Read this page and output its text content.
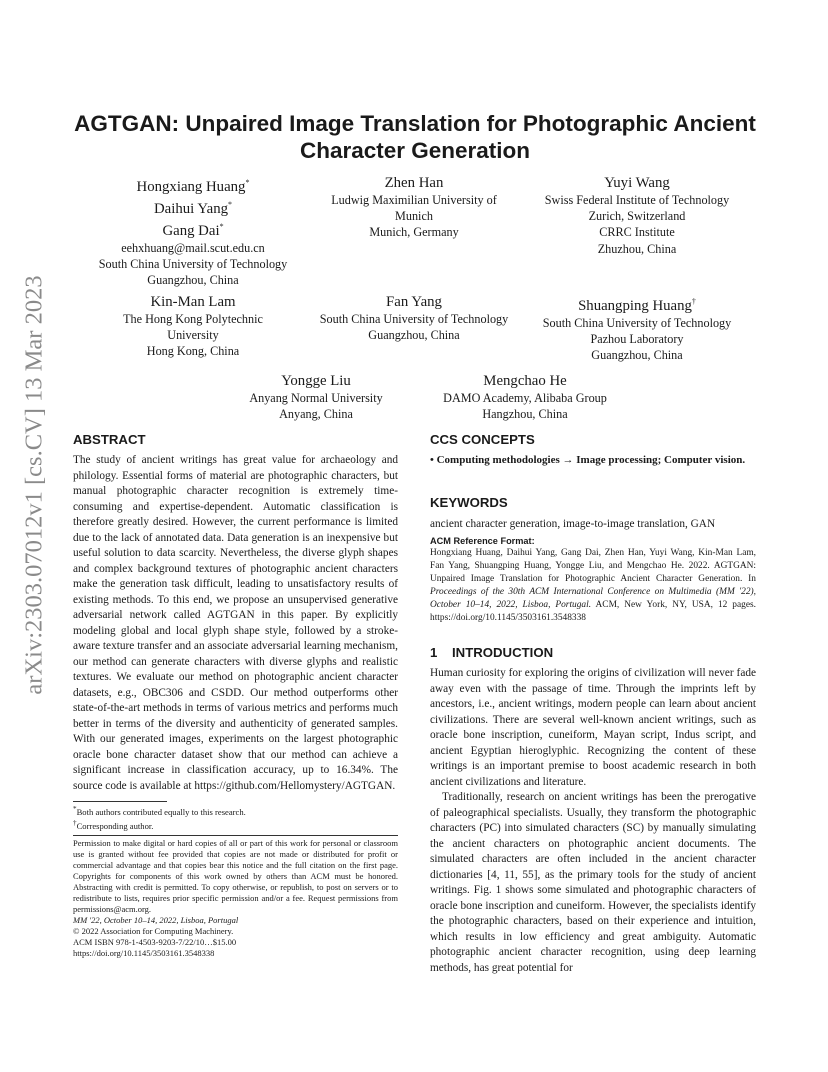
arXiv:2303.07012v1 [cs.CV] 13 Mar 2023
AGTGAN: Unpaired Image Translation for Photographic Ancient
Character Generation
Hongxiang Huang*
Daihui Yang*
Gang Dai*
eehxhuang@mail.scut.edu.cn
South China University of Technology
Guangzhou, China
Zhen Han
Ludwig Maximilian University of
Munich
Munich, Germany
Yuyi Wang
Swiss Federal Institute of Technology
Zurich, Switzerland
CRRC Institute
Zhuzhou, China
Kin-Man Lam
The Hong Kong Polytechnic
University
Hong Kong, China
Fan Yang
South China University of Technology
Guangzhou, China
Shuangping Huang†
South China University of Technology
Pazhou Laboratory
Guangzhou, China
Yongge Liu
Anyang Normal University
Anyang, China
Mengchao He
DAMO Academy, Alibaba Group
Hangzhou, China
ABSTRACT

The study of ancient writings has great value for archaeology and philology. Essential forms of material are photographic characters, but manual photographic character recognition is extremely time-consuming and expertise-dependent. Automatic classification is therefore greatly desired. However, the current performance is limited due to the lack of annotated data. Data generation is an inexpensive but useful solution to data scarcity. Nevertheless, the diverse glyph shapes and complex background textures of photographic ancient characters make the generation task difficult, leading to unsatisfactory results of existing methods. To this end, we propose an unsupervised generative adversarial network called AGTGAN in this paper. By explicitly modeling global and local glyph shape style, followed by a stroke-aware texture transfer and an associate adversarial learning mechanism, our method can generate characters with diverse glyphs and realistic textures. We evaluate our method on photographic ancient character datasets, e.g., OBC306 and CSDD. Our method outperforms other state-of-the-art methods in terms of various metrics and performs much better in terms of the diversity and authenticity of generated samples. With our generated images, experiments on the largest photographic oracle bone character dataset show that our method can achieve a significant increase in classification accuracy, up to 16.34%. The source code is available at https://github.com/Hellomystery/AGTGAN.

*Both authors contributed equally to this research.
†Corresponding author.
Permission to make digital or hard copies of all or part of this work for personal or classroom use is granted without fee provided that copies are not made or distributed for profit or commercial advantage and that copies bear this notice and the full citation on the first page. Copyrights for components of this work owned by others than ACM must be honored. Abstracting with credit is permitted. To copy otherwise, or republish, to post on servers or to redistribute to lists, requires prior specific permission and/or a fee. Request permissions from permissions@acm.org.
MM '22, October 10–14, 2022, Lisboa, Portugal
© 2022 Association for Computing Machinery.
ACM ISBN 978-1-4503-9203-7/22/10…$15.00
https://doi.org/10.1145/3503161.3548338
CCS CONCEPTS

• Computing methodologies → Image processing; Computer vision.

KEYWORDS

ancient character generation, image-to-image translation, GAN

ACM Reference Format:

Hongxiang Huang, Daihui Yang, Gang Dai, Zhen Han, Yuyi Wang, Kin-Man Lam, Fan Yang, Shuangping Huang, Yongge Liu, and Mengchao He. 2022. AGTGAN: Unpaired Image Translation for Photographic Ancient Character Generation. In Proceedings of the 30th ACM International Conference on Multimedia (MM '22), October 10–14, 2022, Lisboa, Portugal. ACM, New York, NY, USA, 12 pages. https://doi.org/10.1145/3503161.3548338

1 INTRODUCTION

Human curiosity for exploring the origins of civilization will never fade away even with the passage of time. Through the imprints left by ancestors, i.e., ancient writings, modern people can learn about ancient civilizations. There are several well-known ancient writings, such as oracle bone inscription, cuneiform, Mayan script, Indus script, and ancient Egyptian hieroglyphic. Recognizing the content of these writings is an important premise to boost academic research in both ancient civilizations and literature.

Traditionally, research on ancient writings has been the prerogative of paleographical specialists. Usually, they transform the photographic characters (PC) into simulated characters (SC) by manually simulating the ancient characters on photographic ancient documents. The simulated characters are often included in the ancient character dictionaries [4, 11, 55], as the primary tools for the study of ancient writings. Fig. 1 shows some simulated and photographic characters of oracle bone inscription and cuneiform. However, the specialists identify the photographic characters, based on their experience and intuition, which results in low efficiency and great ambiguity. Automatic photographic ancient character recognition, using deep learning methods, has great potential for
